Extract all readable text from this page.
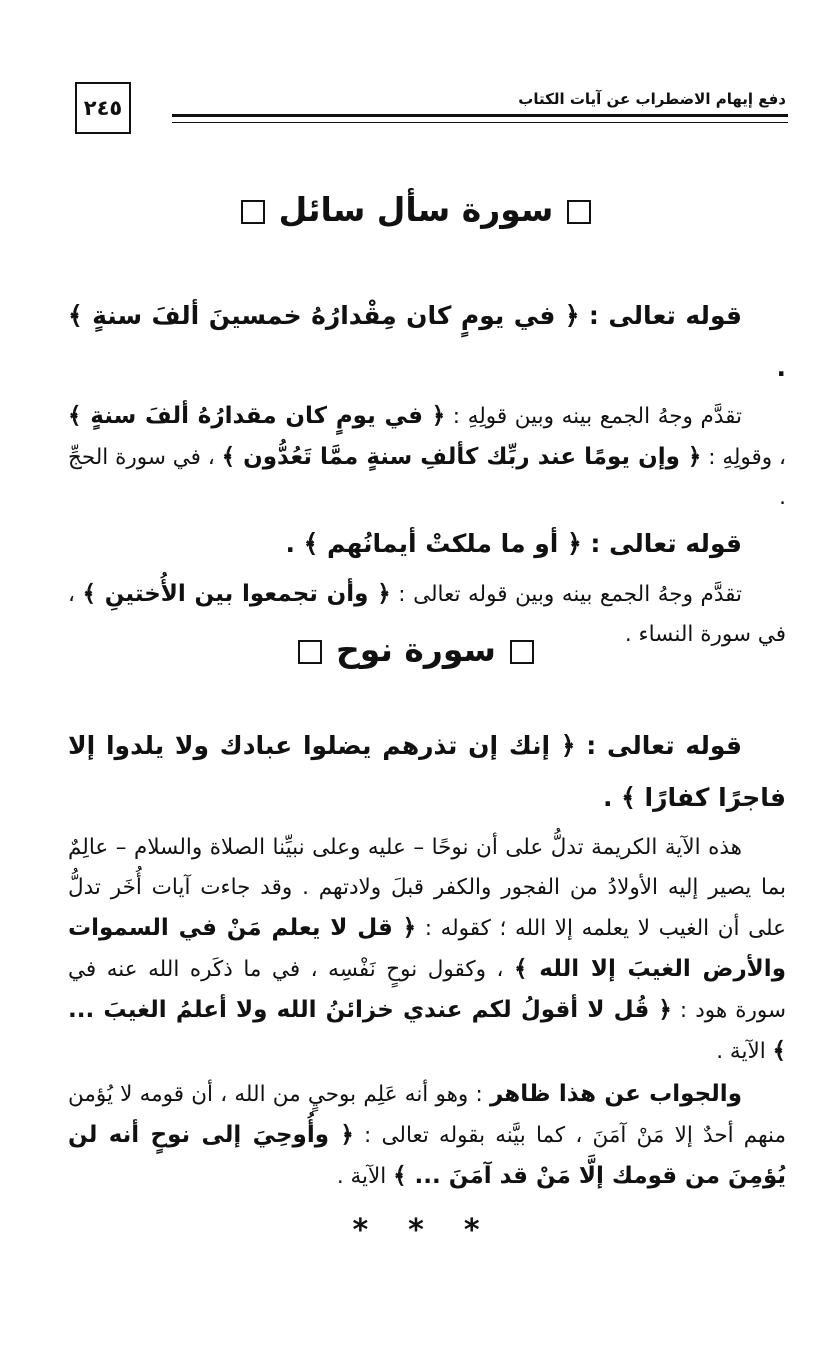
٢٤٥	دفع إيهام الاضطراب عن آيات الكتاب
سورة سأل سائل
قوله تعالى : ﴿ في يومٍ كان مِقْدارُهُ خمسينَ ألفَ سنةٍ ﴾ .
تقدَّم وجهُ الجمع بينه وبين قولِهِ : ﴿ في يومٍ كان مقدارُهُ ألفَ سنةٍ ﴾ ، وقولِهِ : ﴿ وإن يومًا عند ربِّك كألفِ سنةٍ ممَّا تَعُدُّون ﴾ ، في سورة الحجِّ .
قوله تعالى : ﴿ أو ما ملكتْ أيمانُهم ﴾ .
تقدَّم وجهُ الجمع بينه وبين قوله تعالى : ﴿ وأن تجمعوا بين الأُختينِ ﴾ ، في سورة النساء .
سورة نوح
قوله تعالى : ﴿ إنك إن تذرهم يضلوا عبادك ولا يلدوا إلا فاجرًا كفارًا ﴾ .
هذه الآية الكريمة تدلُّ على أن نوحًا – عليه وعلى نبيِّنا الصلاة والسلام – عالِمٌ بما يصير إليه الأولادُ من الفجور والكفر قبلَ ولادتهم . وقد جاءت آيات أُخَر تدلُّ على أن الغيب لا يعلمه إلا الله ؛ كقوله : ﴿ قل لا يعلم مَنْ في السموات والأرض الغيبَ إلا الله ﴾ ، وكقول نوحٍ نَفْسِه ، في ما ذكَره الله عنه في سورة هود : ﴿ قُل لا أقولُ لكم عندي خزائنُ الله ولا أعلمُ الغيبَ ... ﴾ الآية .
والجواب عن هذا ظاهر : وهو أنه عَلِم بوحيٍ من الله ، أن قومه لا يُؤمن منهم أحدٌ إلا مَنْ آمَنَ ، كما بيَّنه بقوله تعالى : ﴿ وأُوحِيَ إلى نوحٍ أنه لن يُؤمِنَ من قومك إلَّا مَنْ قد آمَنَ ... ﴾ الآية .
* * *
